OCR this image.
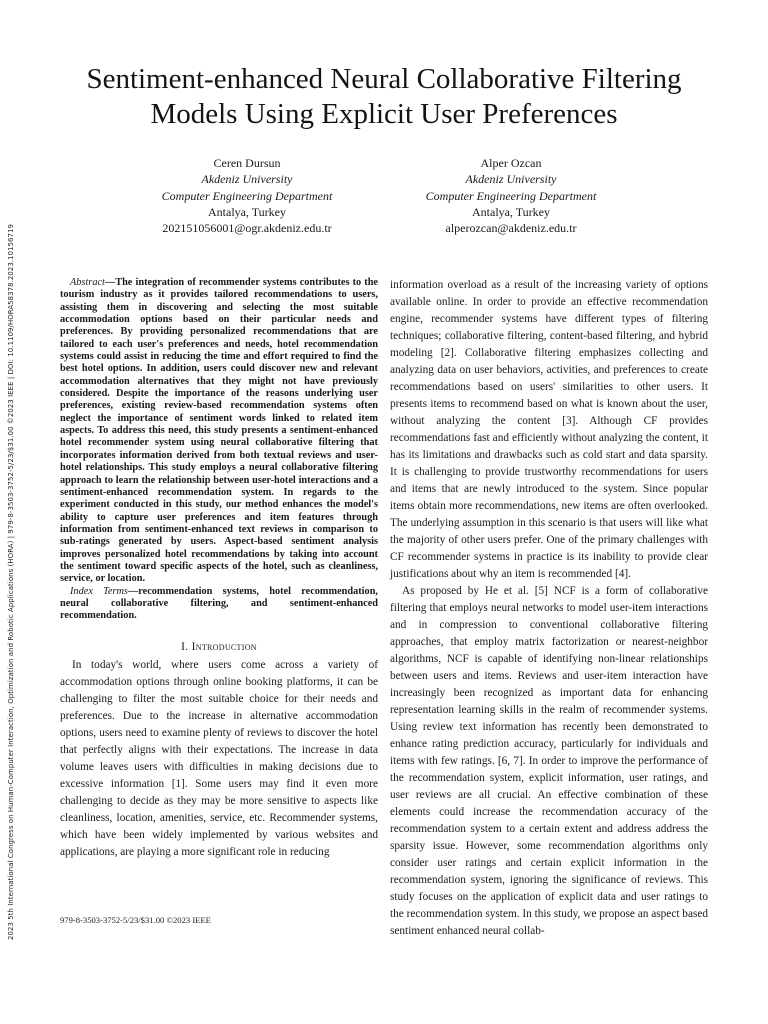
2023 5th International Congress on Human-Computer Interaction, Optimization and Robotic Applications (HORA) | 979-8-3503-3752-5/23/$31.00 ©2023 IEEE | DOI: 10.1109/HORA58378.2023.10156719
Sentiment-enhanced Neural Collaborative Filtering Models Using Explicit User Preferences
Ceren Dursun
Akdeniz University
Computer Engineering Department
Antalya, Turkey
202151056001@ogr.akdeniz.edu.tr
Alper Ozcan
Akdeniz University
Computer Engineering Department
Antalya, Turkey
alperozcan@akdeniz.edu.tr

Abstract—The integration of recommender systems contributes to the tourism industry as it provides tailored recommendations to users, assisting them in discovering and selecting the most suitable accommodation options based on their particular needs and preferences. By providing personalized recommendations that are tailored to each user's preferences and needs, hotel recommendation systems could assist in reducing the time and effort required to find the best hotel options. In addition, users could discover new and relevant accommodation alternatives that they might not have previously considered. Despite the importance of the reasons underlying user preferences, existing review-based recommendation systems often neglect the importance of sentiment words linked to related item aspects. To address this need, this study presents a sentiment-enhanced hotel recommender system using neural collaborative filtering that incorporates information derived from both textual reviews and user-hotel relationships. This study employs a neural collaborative filtering approach to learn the relationship between user-hotel interactions and a sentiment-enhanced recommendation system. In regards to the experiment conducted in this study, our method enhances the model's ability to capture user preferences and item features through information from sentiment-enhanced text reviews in comparison to sub-ratings generated by users. Aspect-based sentiment analysis improves personalized hotel recommendations by taking into account the sentiment toward specific aspects of the hotel, such as cleanliness, service, or location.

Index Terms—recommendation systems, hotel recommendation, neural collaborative filtering, and sentiment-enhanced recommendation.

I. Introduction

In today's world, where users come across a variety of accommodation options through online booking platforms, it can be challenging to filter the most suitable choice for their needs and preferences. Due to the increase in alternative accommodation options, users need to examine plenty of reviews to discover the hotel that perfectly aligns with their expectations. The increase in data volume leaves users with difficulties in making decisions due to excessive information [1]. Some users may find it even more challenging to decide as they may be more sensitive to aspects like cleanliness, location, amenities, service, etc. Recommender systems, which have been widely implemented by various websites and applications, are playing a more significant role in reducing

information overload as a result of the increasing variety of options available online. In order to provide an effective recommendation engine, recommender systems have different types of filtering techniques; collaborative filtering, content-based filtering, and hybrid modeling [2]. Collaborative filtering emphasizes collecting and analyzing data on user behaviors, activities, and preferences to create recommendations based on users' similarities to other users. It presents items to recommend based on what is known about the user, without analyzing the content [3]. Although CF provides recommendations fast and efficiently without analyzing the content, it has its limitations and drawbacks such as cold start and data sparsity. It is challenging to provide trustworthy recommendations for users and items that are newly introduced to the system. Since popular items obtain more recommendations, new items are often overlooked. The underlying assumption in this scenario is that users will like what the majority of other users prefer. One of the primary challenges with CF recommender systems in practice is its inability to provide clear justifications about why an item is recommended [4].

As proposed by He et al. [5] NCF is a form of collaborative filtering that employs neural networks to model user-item interactions and in compression to conventional collaborative filtering approaches, that employ matrix factorization or nearest-neighbor algorithms, NCF is capable of identifying non-linear relationships between users and items. Reviews and user-item interaction have increasingly been recognized as important data for enhancing representation learning skills in the realm of recommender systems. Using review text information has recently been demonstrated to enhance rating prediction accuracy, particularly for individuals and items with few ratings. [6, 7]. In order to improve the performance of the recommendation system, explicit information, user ratings, and user reviews are all crucial. An effective combination of these elements could increase the recommendation accuracy of the recommendation system to a certain extent and address address the sparsity issue. However, some recommendation algorithms only consider user ratings and certain explicit information in the recommendation system, ignoring the significance of reviews. This study focuses on the application of explicit data and user ratings to the recommendation system. In this study, we propose an aspect based sentiment enhanced neural collab-

979-8-3503-3752-5/23/$31.00 ©2023 IEEE
